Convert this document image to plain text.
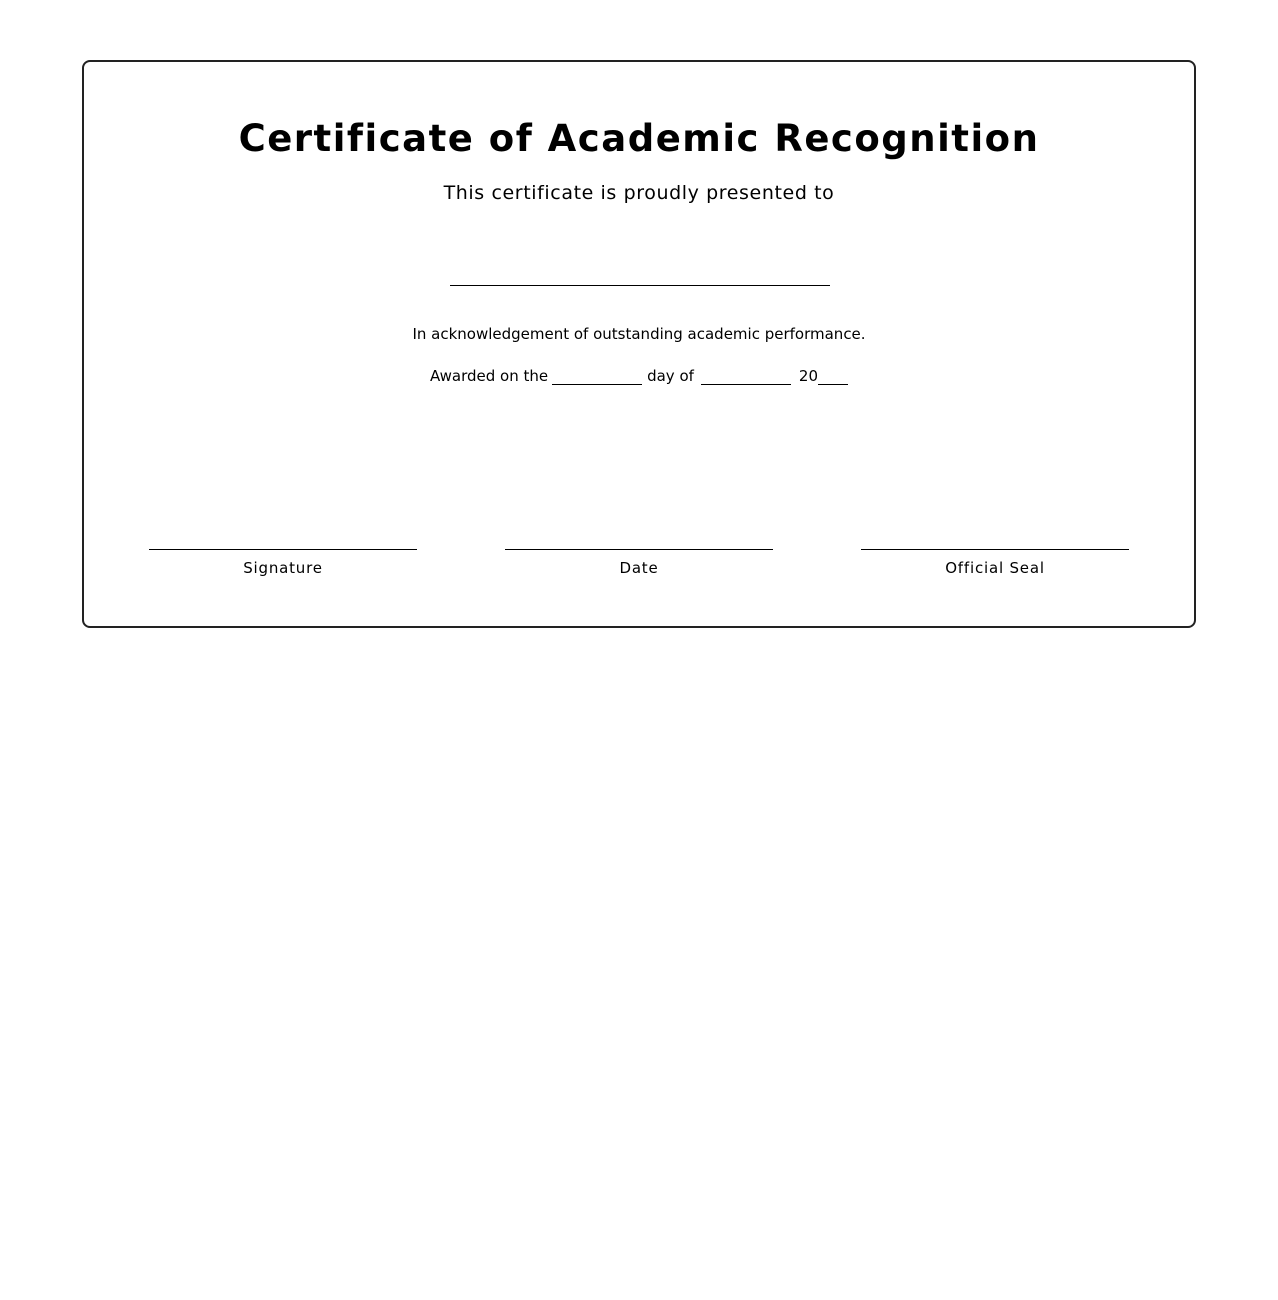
Certificate of Academic Recognition
This certificate is proudly presented to
In acknowledgement of outstanding academic performance.
Awarded on the	day of	20
Signature	Date	Official Seal
